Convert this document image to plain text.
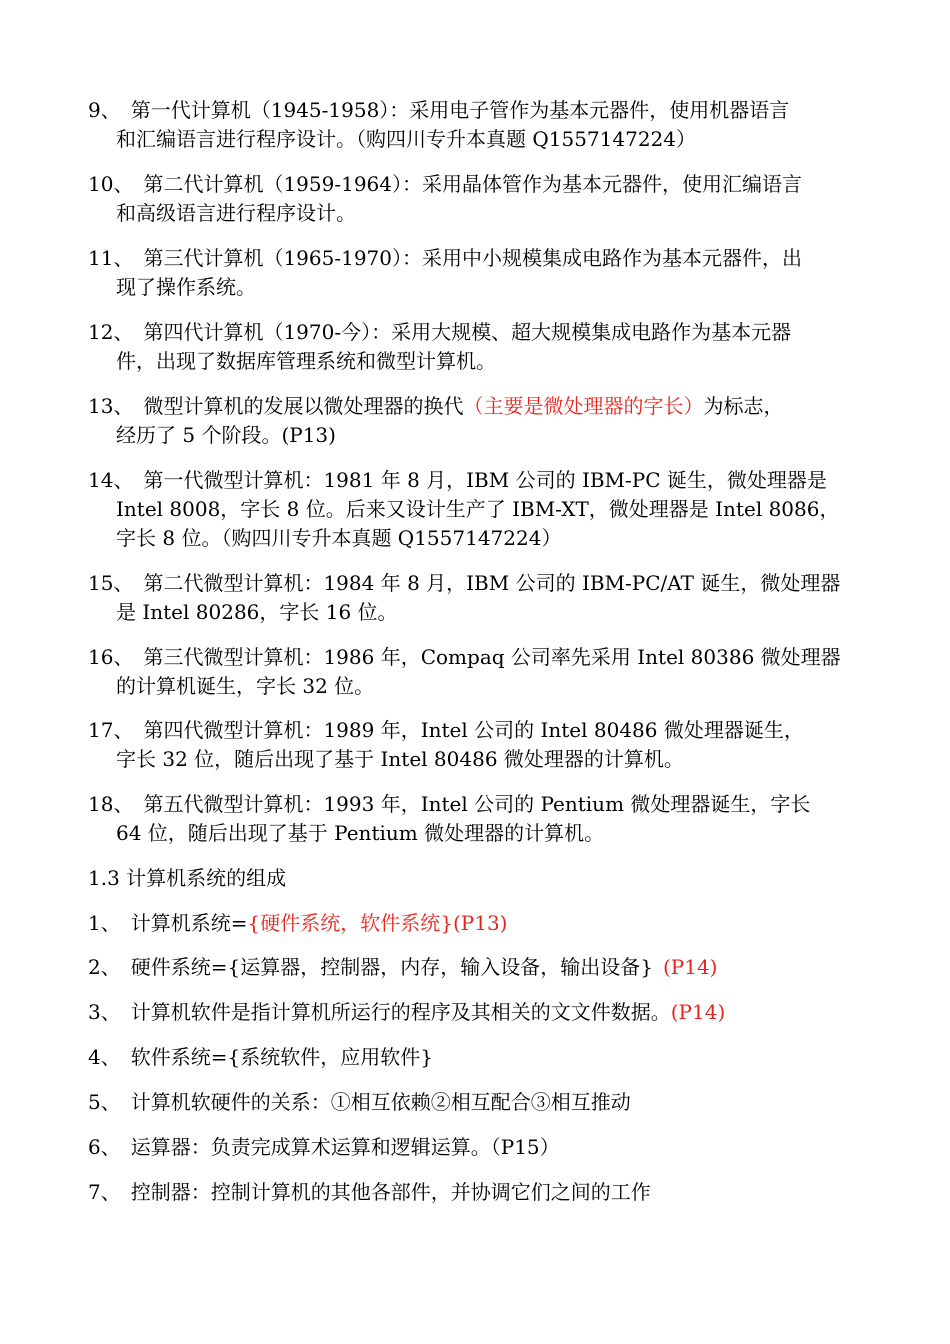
9、 第一代计算机（1945-1958）：采用电子管作为基本元器件，使用机器语言
和汇编语言进行程序设计。（购四川专升本真题 Q1557147224）
10、 第二代计算机（1959-1964）：采用晶体管作为基本元器件，使用汇编语言
和高级语言进行程序设计。
11、 第三代计算机（1965-1970）：采用中小规模集成电路作为基本元器件，出
现了操作系统。
12、 第四代计算机（1970-今）：采用大规模、超大规模集成电路作为基本元器
件，出现了数据库管理系统和微型计算机。
13、 微型计算机的发展以微处理器的换代（主要是微处理器的字长）为标志，
经历了 5 个阶段。(P13)
14、 第一代微型计算机：1981 年 8 月，IBM 公司的 IBM-PC 诞生，微处理器是
Intel 8008，字长 8 位。后来又设计生产了 IBM-XT，微处理器是 Intel 8086，
字长 8 位。（购四川专升本真题 Q1557147224）
15、 第二代微型计算机：1984 年 8 月，IBM 公司的 IBM-PC/AT 诞生，微处理器
是 Intel 80286，字长 16 位。
16、 第三代微型计算机：1986 年，Compaq 公司率先采用 Intel 80386 微处理器
的计算机诞生，字长 32 位。
17、 第四代微型计算机：1989 年，Intel 公司的 Intel 80486 微处理器诞生，
字长 32 位，随后出现了基于 Intel 80486 微处理器的计算机。
18、 第五代微型计算机：1993 年，Intel 公司的 Pentium 微处理器诞生，字长
64 位，随后出现了基于 Pentium 微处理器的计算机。
1.3 计算机系统的组成
1、 计算机系统={硬件系统，软件系统}(P13)
2、 硬件系统={运算器，控制器，内存，输入设备，输出设备} (P14)
3、 计算机软件是指计算机所运行的程序及其相关的文文件数据。(P14)
4、 软件系统={系统软件，应用软件}
5、 计算机软硬件的关系：①相互依赖②相互配合③相互推动
6、 运算器：负责完成算术运算和逻辑运算。（P15）
7、 控制器：控制计算机的其他各部件，并协调它们之间的工作
